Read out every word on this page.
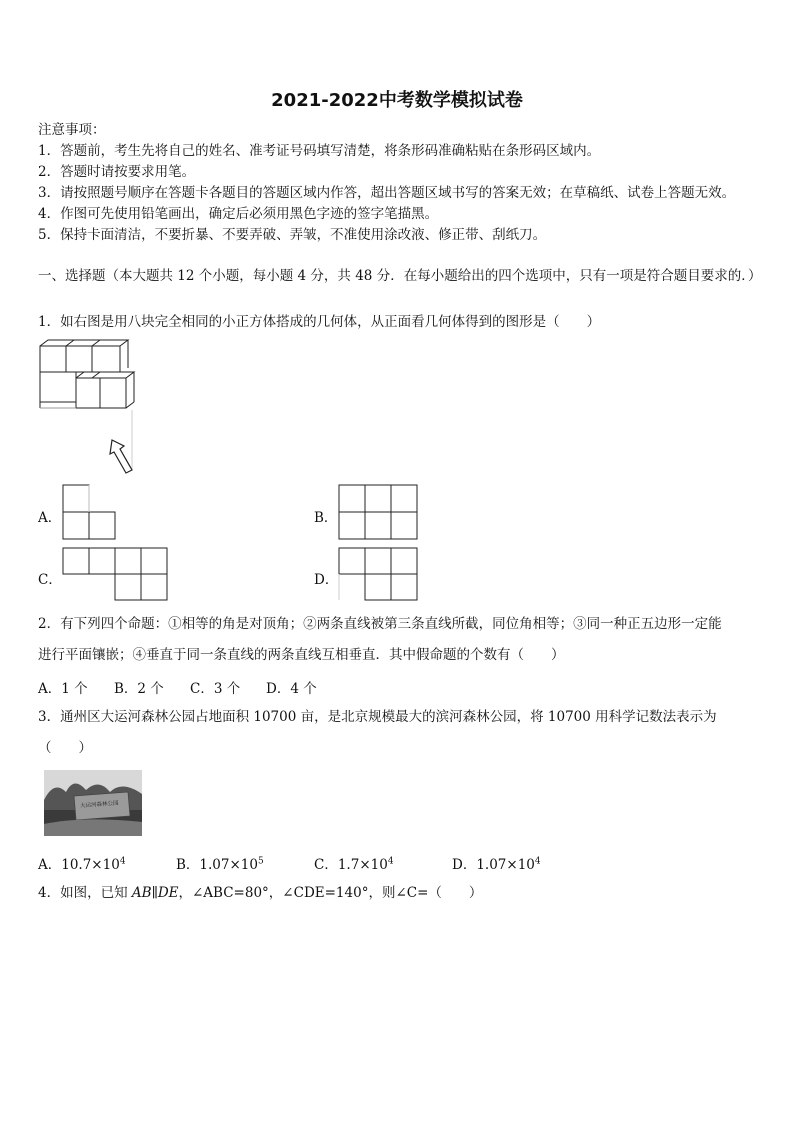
2021-2022中考数学模拟试卷
注意事项：
1．答题前，考生先将自己的姓名、准考证号码填写清楚，将条形码准确粘贴在条形码区域内。
2．答题时请按要求用笔。
3．请按照题号顺序在答题卡各题目的答题区域内作答，超出答题区域书写的答案无效；在草稿纸、试卷上答题无效。
4．作图可先使用铅笔画出，确定后必须用黑色字迹的签字笔描黑。
5．保持卡面清洁，不要折暴、不要弄破、弄皱，不准使用涂改液、修正带、刮纸刀。
一、选择题（本大题共 12 个小题，每小题 4 分，共 48 分．在每小题给出的四个选项中，只有一项是符合题目要求的．）
1．如右图是用八块完全相同的小正方体搭成的几何体，从正面看几何体得到的图形是（　　）
A．	B．
C．	D．
2．有下列四个命题：①相等的角是对顶角；②两条直线被第三条直线所截，同位角相等；③同一种正五边形一定能
进行平面镶嵌；④垂直于同一条直线的两条直线互相垂直．其中假命题的个数有（　　）
A．1 个 B．2 个 C．3 个 D．4 个
3．通州区大运河森林公园占地面积 10700 亩，是北京规模最大的滨河森林公园，将 10700 用科学记数法表示为
（　　）
大运河森林公园
A．$10.7\times 10^4$	B．$1.07\times 10^5$	C．$1.7\times 10^4$	D．$1.07\times 10^4$
4．如图，已知 AB∥DE，∠ABC=80°，∠CDE=140°，则∠C=（　　）
